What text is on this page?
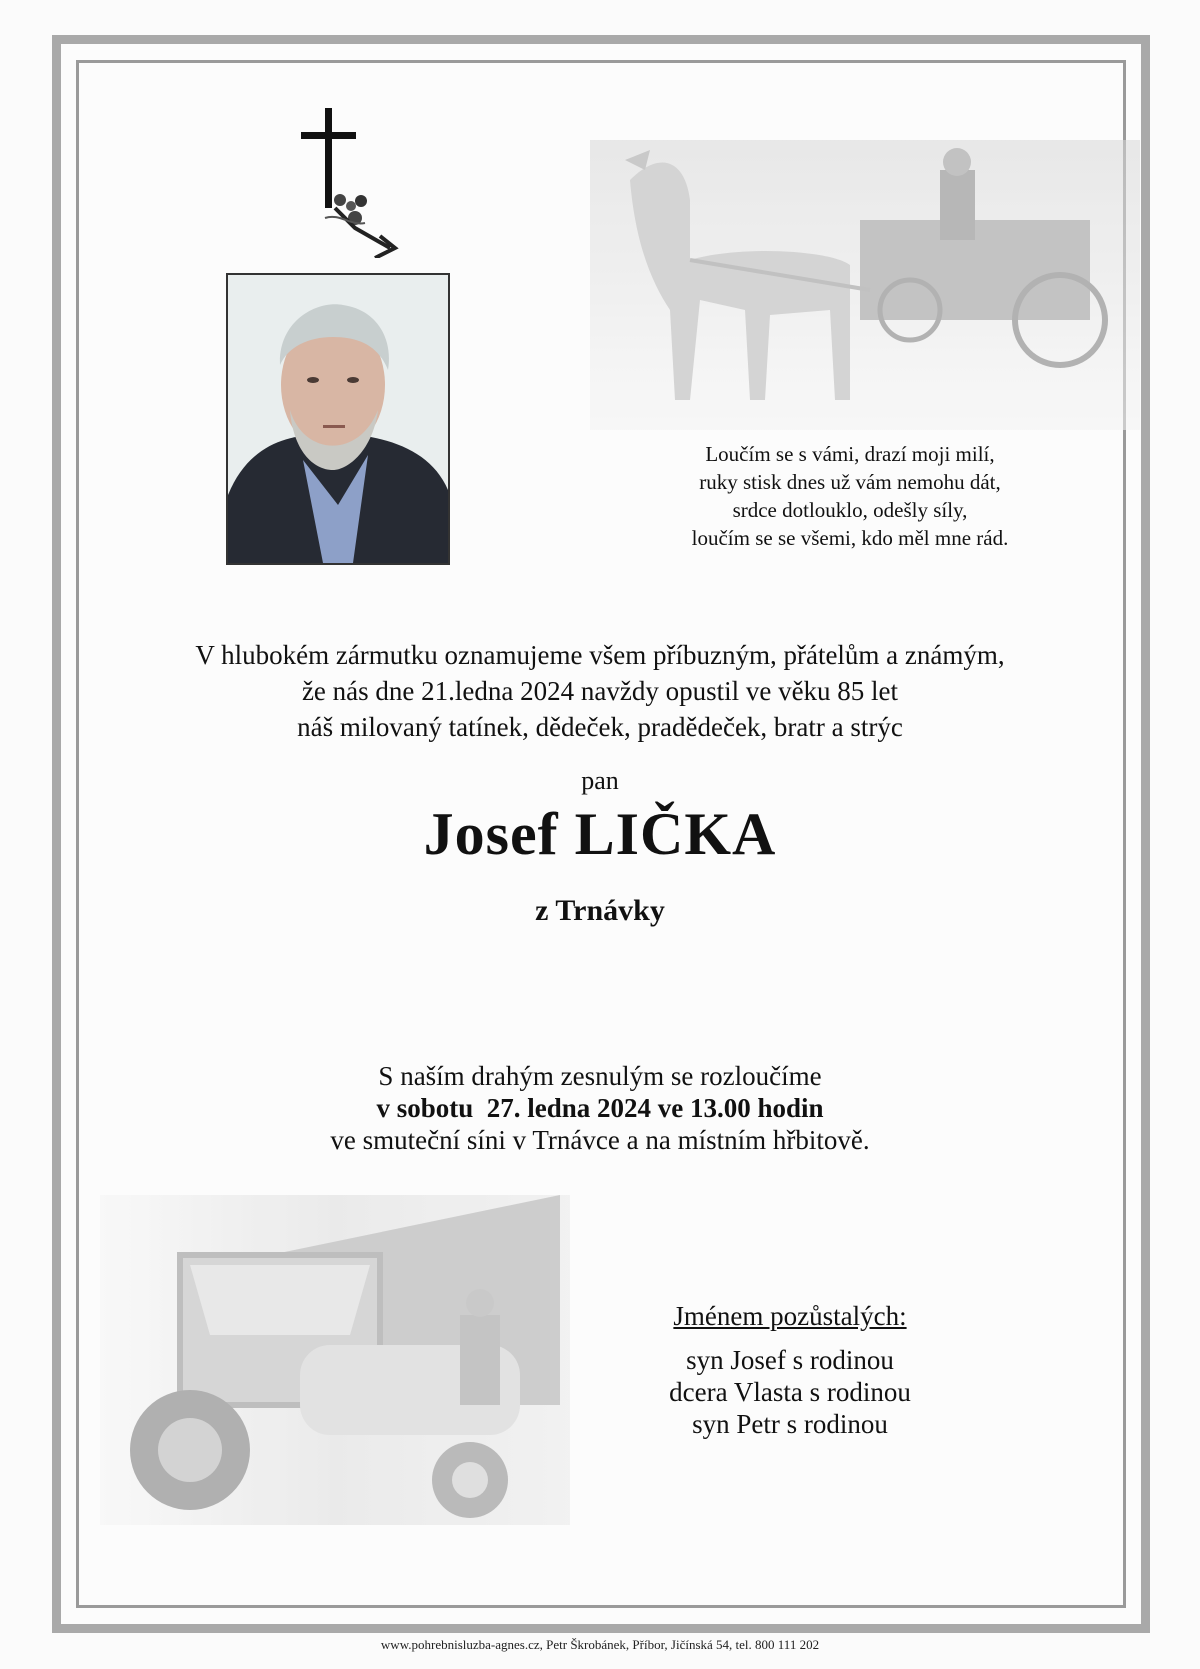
Loučím se s vámi, drazí moji milí,
ruky stisk dnes už vám nemohu dát,
srdce dotlouklo, odešly síly,
loučím se se všemi, kdo měl mne rád.
V hlubokém zármutku oznamujeme všem příbuzným, přátelům a známým,
že nás dne 21.ledna 2024 navždy opustil ve věku 85 let
náš milovaný tatínek, dědeček, pradědeček, bratr a strýc
pan
Josef LIČKA
z Trnávky
S naším drahým zesnulým se rozloučíme
v sobotu  27. ledna 2024 ve 13.00 hodin
ve smuteční síni v Trnávce a na místním hřbitově.
Jménem pozůstalých:
syn Josef s rodinou
dcera Vlasta s rodinou
syn Petr s rodinou
www.pohrebnisluzba-agnes.cz, Petr Škrobánek, Příbor, Jičínská 54, tel. 800 111 202
